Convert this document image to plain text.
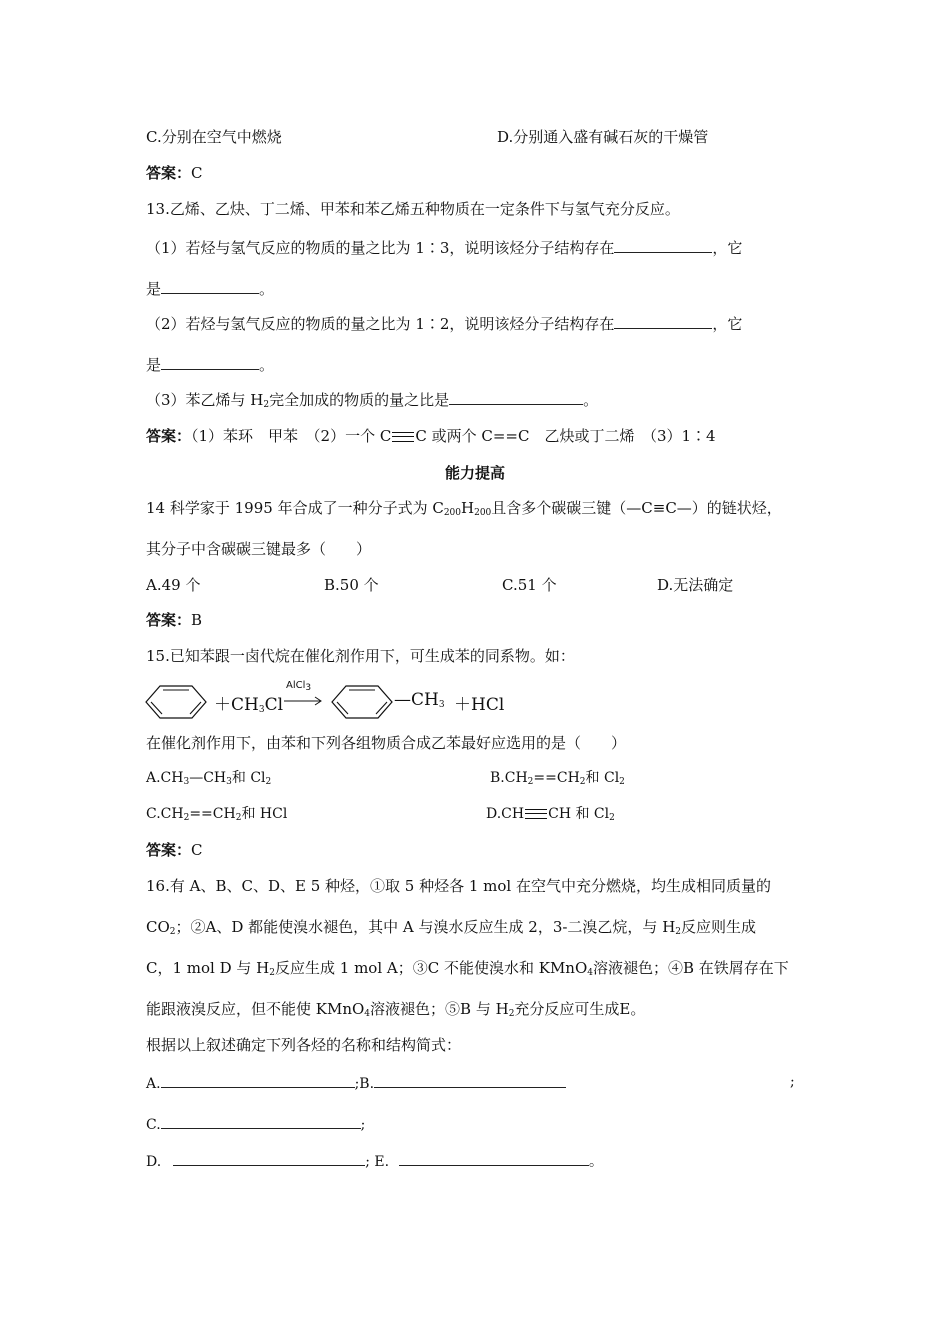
C.分别在空气中燃烧	D.分别通入盛有碱石灰的干燥管
答案：C
13.乙烯、乙炔、丁二烯、甲苯和苯乙烯五种物质在一定条件下与氢气充分反应。
（1）若烃与氢气反应的物质的量之比为 1∶3，说明该烃分子结构存在	，它
是	。
（2）若烃与氢气反应的物质的量之比为 1∶2，说明该烃分子结构存在	，它
是	。
（3）苯乙烯与 $H_2$完全加成的物质的量之比是	。
答案：（1）苯环　甲苯　（2）一个 C C 或两个 C==C　乙炔或丁二烯　（3）1∶4
能力提高
14 科学家于 1995 年合成了一种分子式为 $C_{200}H_{200}$且含多个碳碳三键（—C≡C—）的链状烃，
其分子中含碳碳三键最多（　　）
A.49 个	B.50 个	C.51 个	D.无法确定
答案：B
15.已知苯跟一卤代烷在催化剂作用下，可生成苯的同系物。如：
$+CH_3Cl$
AlCl$_3$
$—CH_3 +HCl$
在催化剂作用下，由苯和下列各组物质合成乙苯最好应选用的是（　　）
$A.CH_3—CH_3$和 $Cl_2$	$B.CH_2==CH_2$和 $Cl_2$
$C.CH_2==CH_2$和 HCl	D.CH CH 和 $Cl_2$
答案：C
16.有 A、B、C、D、E 5 种烃，①取 5 种烃各 1 mol 在空气中充分燃烧，均生成相同质量的
$CO_2$；②A、D 都能使溴水褪色，其中 A 与溴水反应生成 2，3-二溴乙烷，与 $H_2$反应则生成
C，1 mol D 与 $H_2$反应生成 1 mol A；③C 不能使溴水和 KMnO$_4$溶液褪色；④B 在铁屑存在下
能跟液溴反应，但不能使 KMnO$_4$溶液褪色；⑤B 与 $H_2$充分反应可生成E。
根据以上叙述确定下列各烃的名称和结构简式：
A.	;B.	;
C.	;
D.	; E.	。
